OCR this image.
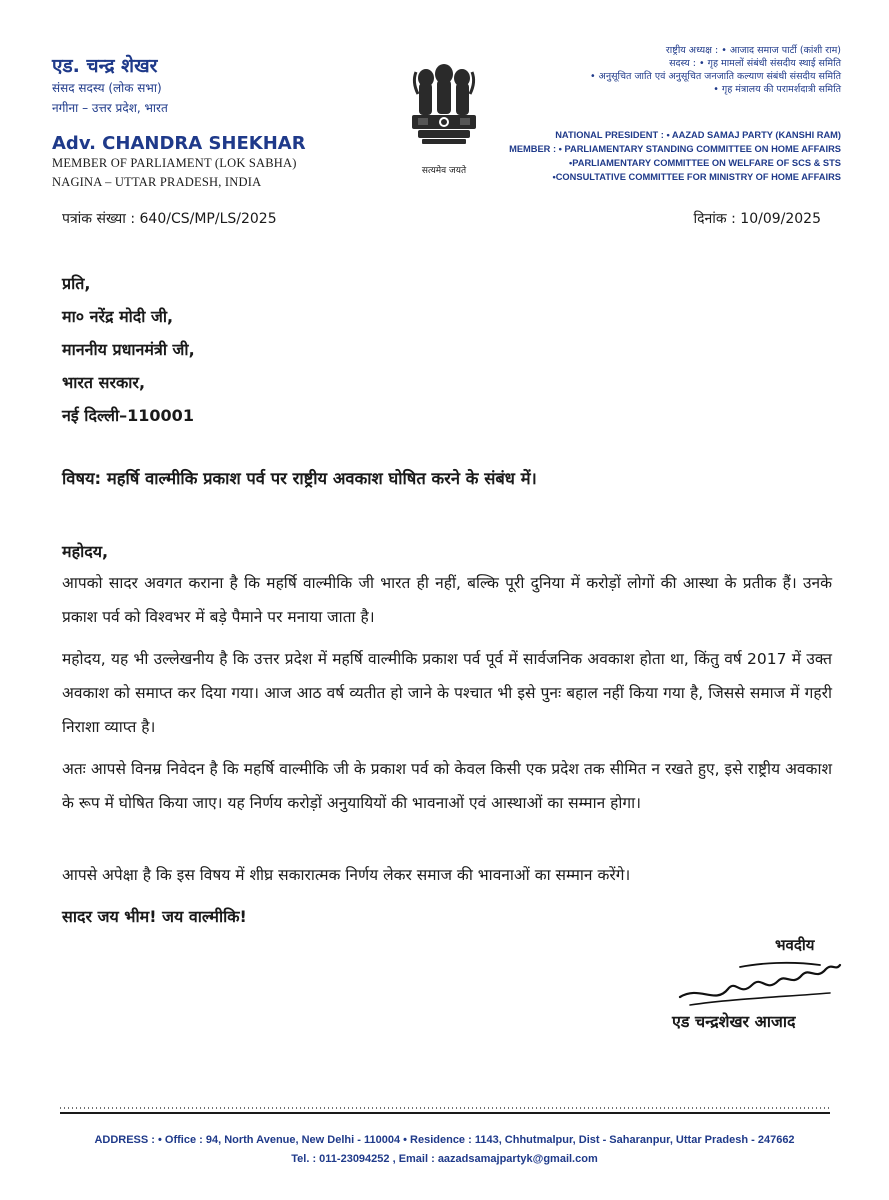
एड. चन्द्र शेखर
संसद सदस्य (लोक सभा)
नगीना – उत्तर प्रदेश, भारत
Adv. CHANDRA SHEKHAR
MEMBER OF PARLIAMENT (LOK SABHA)
NAGINA – UTTAR PRADESH, INDIA
सत्यमेव जयते
राष्ट्रीय अध्यक्ष : • आजाद समाज पार्टी (कांशी राम)
सदस्य : • गृह मामलों संबंधी संसदीय स्थाई समिति
• अनुसूचित जाति एवं अनुसूचित जनजाति कल्याण संबंधी संसदीय समिति
• गृह मंत्रालय की परामर्शदात्री समिति
NATIONAL PRESIDENT : • AAZAD SAMAJ PARTY (KANSHI RAM)
MEMBER : • PARLIAMENTARY STANDING COMMITTEE ON HOME AFFAIRS
•PARLIAMENTARY COMMITTEE ON WELFARE OF SCS & STS
•CONSULTATIVE COMMITTEE FOR MINISTRY OF HOME AFFAIRS
पत्रांक संख्या : 640/CS/MP/LS/2025	दिनांक : 10/09/2025
प्रति,
मा० नरेंद्र मोदी जी,
माननीय प्रधानमंत्री जी,
भारत सरकार,
नई दिल्ली–110001
विषय: महर्षि वाल्मीकि प्रकाश पर्व पर राष्ट्रीय अवकाश घोषित करने के संबंध में।
महोदय,
आपको सादर अवगत कराना है कि महर्षि वाल्मीकि जी भारत ही नहीं, बल्कि पूरी दुनिया में करोड़ों लोगों की आस्था के प्रतीक हैं। उनके प्रकाश पर्व को विश्वभर में बड़े पैमाने पर मनाया जाता है।
महोदय, यह भी उल्लेखनीय है कि उत्तर प्रदेश में महर्षि वाल्मीकि प्रकाश पर्व पूर्व में सार्वजनिक अवकाश होता था, किंतु वर्ष 2017 में उक्त अवकाश को समाप्त कर दिया गया। आज आठ वर्ष व्यतीत हो जाने के पश्चात भी इसे पुनः बहाल नहीं किया गया है, जिससे समाज में गहरी निराशा व्याप्त है।
अतः आपसे विनम्र निवेदन है कि महर्षि वाल्मीकि जी के प्रकाश पर्व को केवल किसी एक प्रदेश तक सीमित न रखते हुए, इसे राष्ट्रीय अवकाश के रूप में घोषित किया जाए। यह निर्णय करोड़ों अनुयायियों की भावनाओं एवं आस्थाओं का सम्मान होगा।
आपसे अपेक्षा है कि इस विषय में शीघ्र सकारात्मक निर्णय लेकर समाज की भावनाओं का सम्मान करेंगे।
सादर जय भीम! जय वाल्मीकि!
भवदीय
एड चन्द्रशेखर आजाद
ADDRESS : • Office : 94, North Avenue, New Delhi - 110004 • Residence : 1143, Chhutmalpur, Dist - Saharanpur, Uttar Pradesh - 247662
Tel. : 011-23094252 , Email : aazadsamajpartyk@gmail.com
